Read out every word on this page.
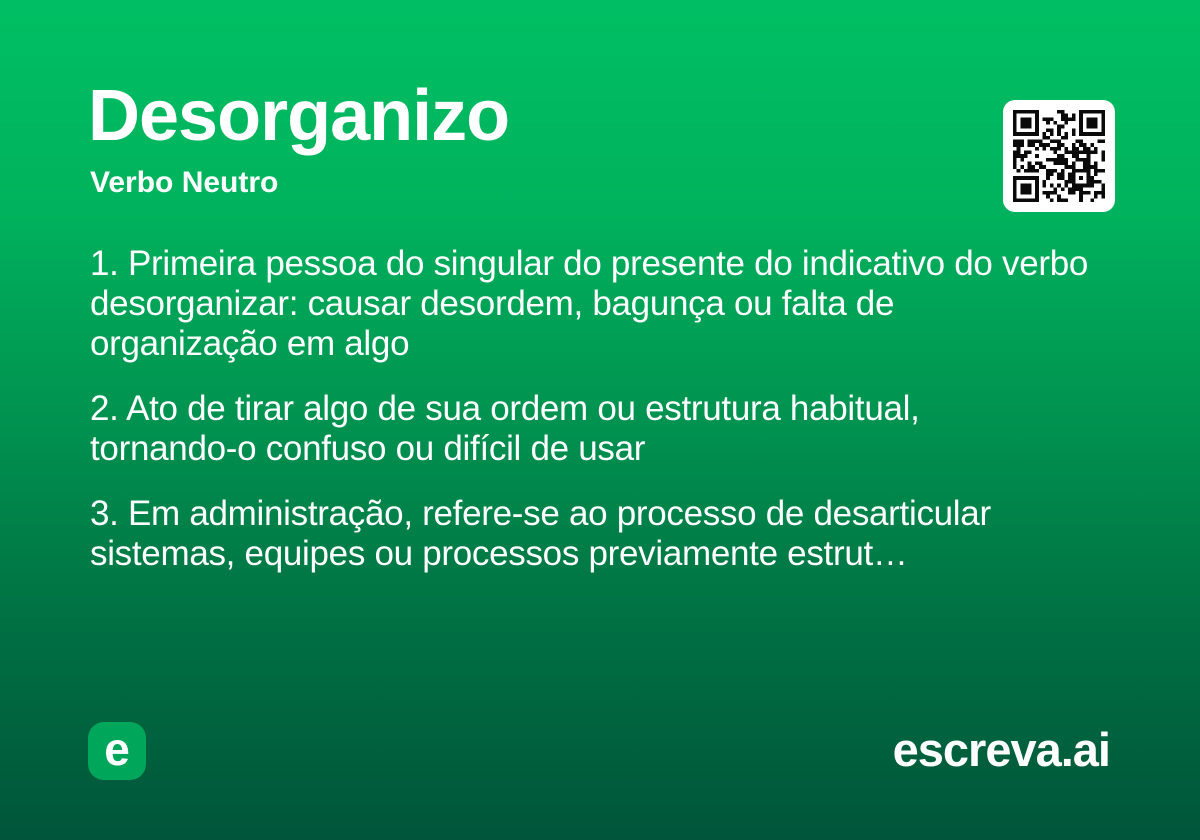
Desorganizo
Verbo Neutro
1. Primeira pessoa do singular do presente do indicativo do verbo
desorganizar: causar desordem, bagunça ou falta de
organização em algo
2. Ato de tirar algo de sua ordem ou estrutura habitual,
tornando-o confuso ou difícil de usar
3. Em administração, refere-se ao processo de desarticular
sistemas, equipes ou processos previamente estrut…
e	escreva.ai
